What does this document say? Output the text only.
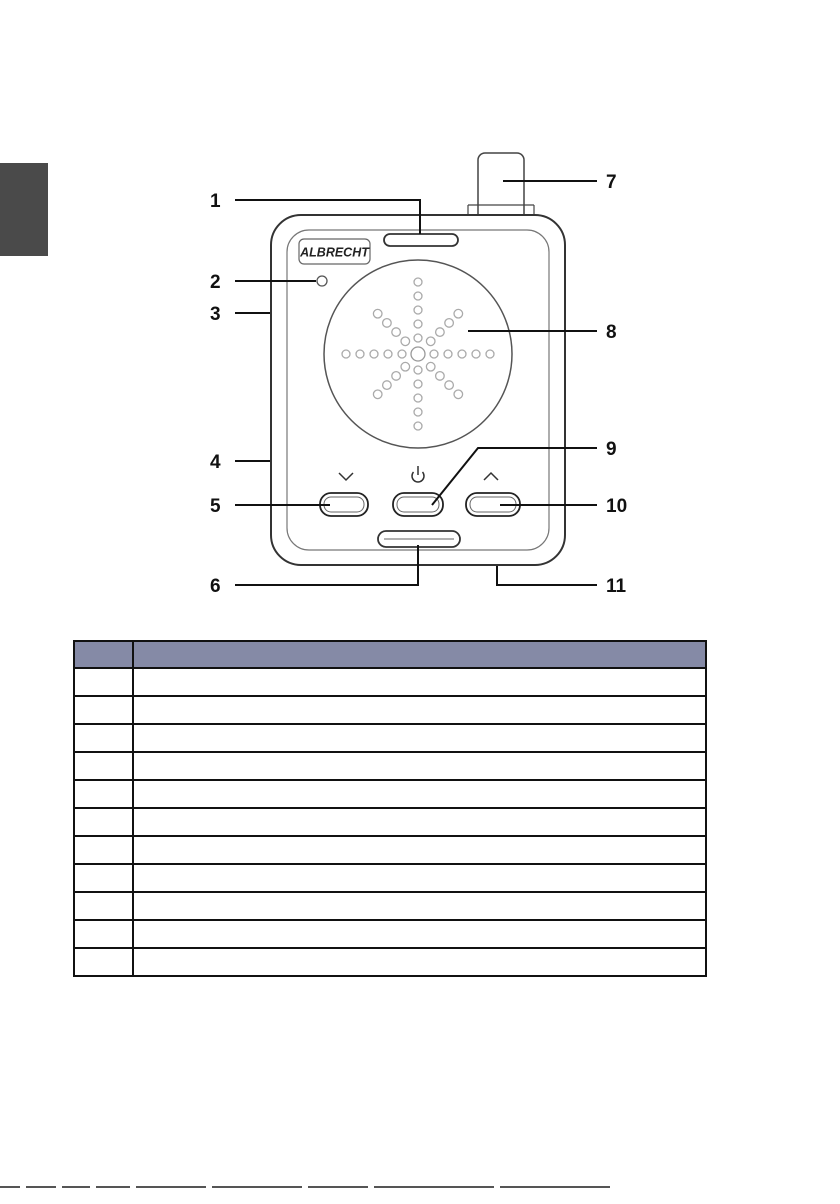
ALBRECHT
1
2
3
4
5
6
7
8
9
10
11
